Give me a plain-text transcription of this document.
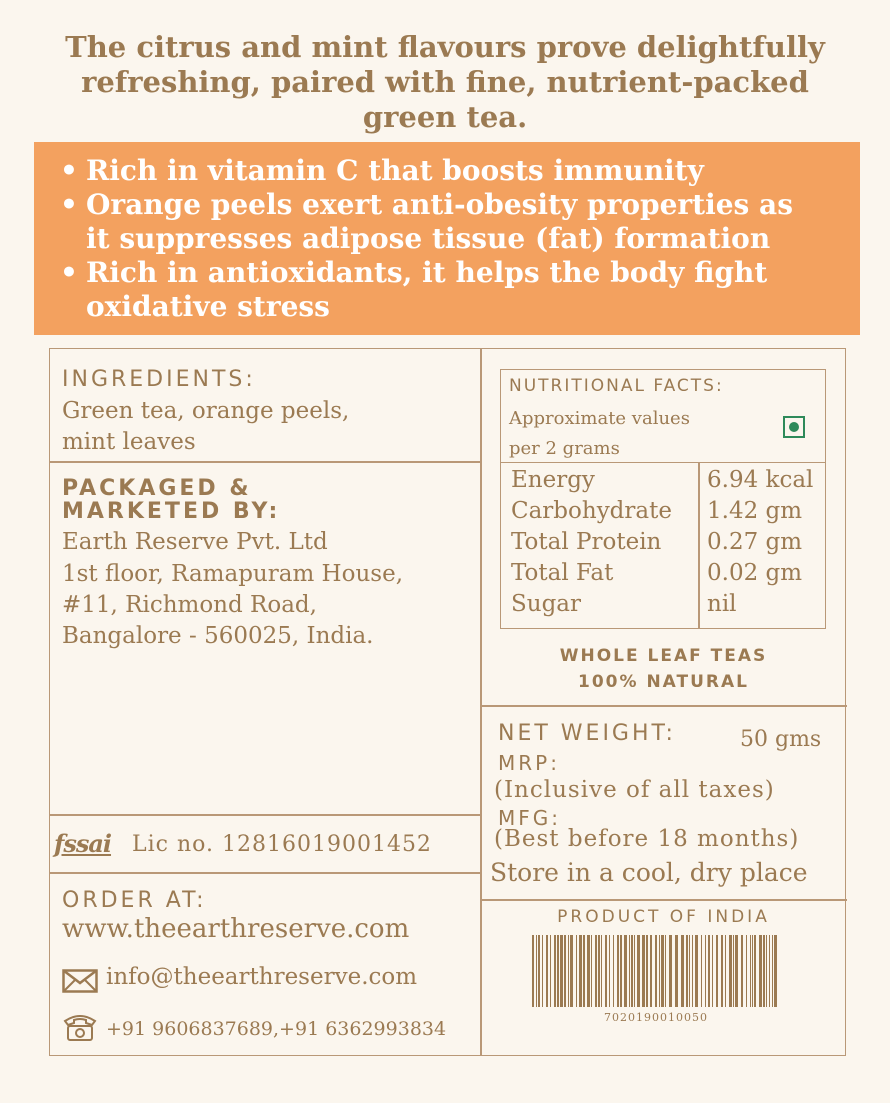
The citrus and mint flavours prove delightfully refreshing, paired with fine, nutrient-packed green tea.
• Rich in vitamin C that boosts immunity
• Orange peels exert anti-obesity properties as it suppresses adipose tissue (fat) formation
• Rich in antioxidants, it helps the body fight oxidative stress
INGREDIENTS:
Green tea, orange peels,
mint leaves
PACKAGED &
MARKETED BY:
Earth Reserve Pvt. Ltd
1st floor, Ramapuram House,
#11, Richmond Road,
Bangalore - 560025, India.
fssai Lic no. 12816019001452
ORDER AT:
www.theearthreserve.com
info@theearthreserve.com
+91 9606837689,+91 6362993834
NUTRITIONAL FACTS:
Approximate values
per 2 grams
Energy	6.94 kcal
Carbohydrate 1.42 gm
Total Protein 0.27 gm
Total Fat	0.02 gm
Sugar	nil
WHOLE LEAF TEAS
100% NATURAL
NET WEIGHT:	50 gms
MRP:
(Inclusive of all taxes)
MFG:
(Best before 18 months)
Store in a cool, dry place
PRODUCT OF INDIA
7020190010050
